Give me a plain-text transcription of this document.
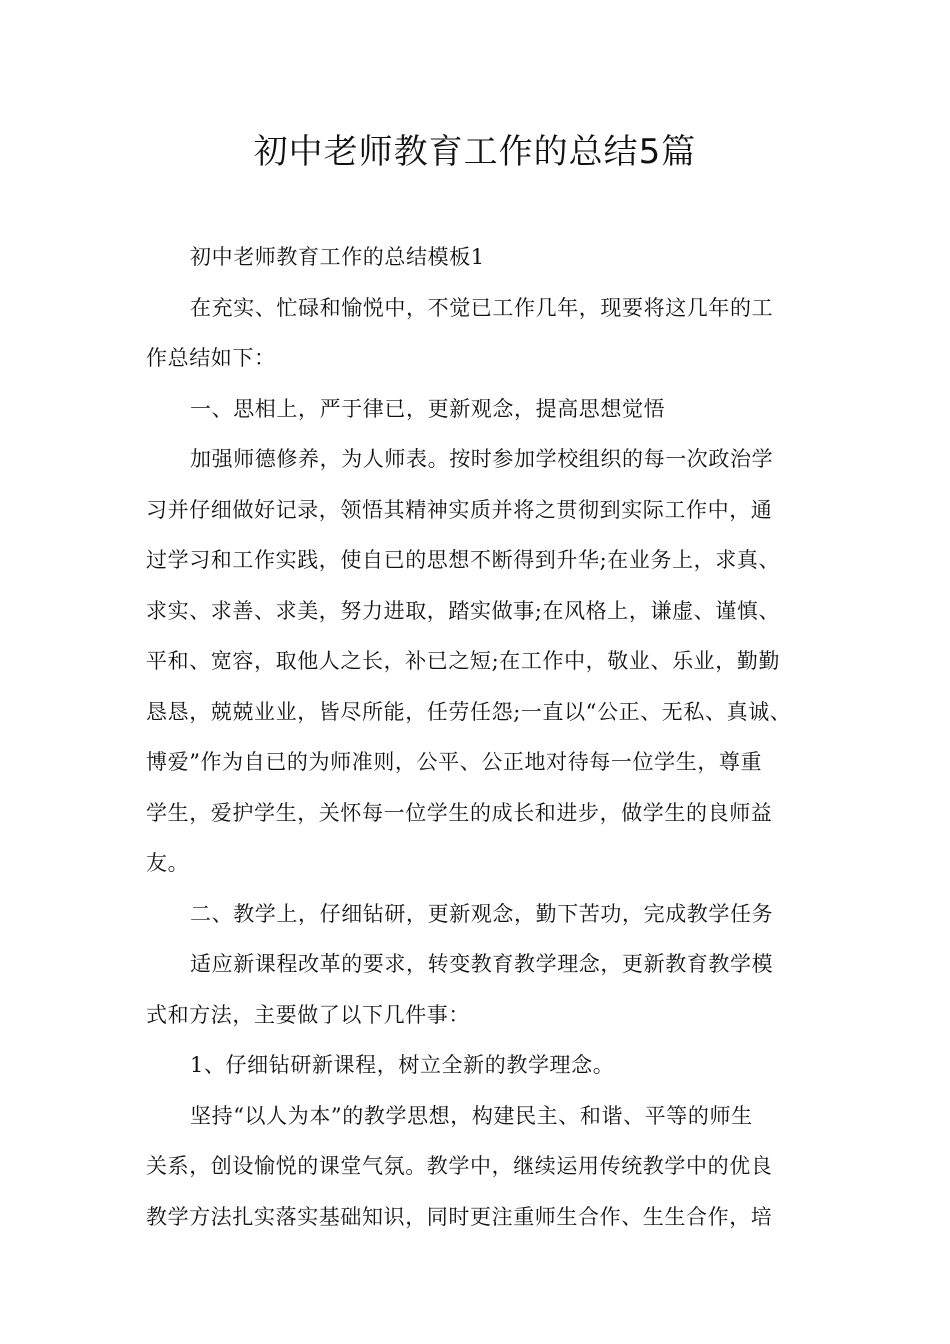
初中老师教育工作的总结5篇

初中老师教育工作的总结模板1

在充实、忙碌和愉悦中，不觉已工作几年，现要将这几年的工
作总结如下：

一、思相上，严于律已，更新观念，提高思想觉悟

加强师德修养，为人师表。按时参加学校组织的每一次政治学
习并仔细做好记录，领悟其精神实质并将之贯彻到实际工作中，通
过学习和工作实践，使自已的思想不断得到升华;在业务上，求真、
求实、求善、求美，努力进取，踏实做事;在风格上，谦虚、谨慎、
平和、宽容，取他人之长，补已之短;在工作中，敬业、乐业，勤勤
恳恳，兢兢业业，皆尽所能，任劳任怨;一直以“公正、无私、真诚、
博爱”作为自已的为师准则，公平、公正地对待每一位学生，尊重
学生，爱护学生，关怀每一位学生的成长和进步，做学生的良师益
友。

二、教学上，仔细钻研，更新观念，勤下苦功，完成教学任务

适应新课程改革的要求，转变教育教学理念，更新教育教学模
式和方法，主要做了以下几件事：

1、仔细钻研新课程，树立全新的教学理念。

坚持“以人为本”的教学思想，构建民主、和谐、平等的师生
关系，创设愉悦的课堂气氛。教学中，继续运用传统教学中的优良
教学方法扎实落实基础知识，同时更注重师生合作、生生合作，培
